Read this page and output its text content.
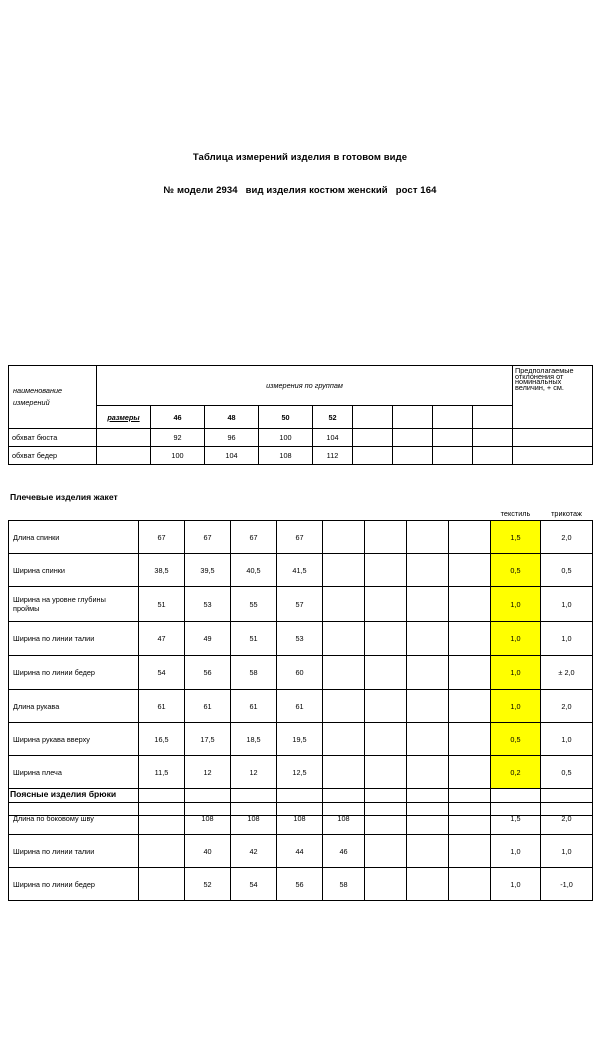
Таблица измерений изделия в готовом виде
№ модели 2934 вид изделия костюм женский рост 164
наименование измерений	измерения по группам									Предполагаемые отклонения от номинальных величин, + см.
	размеры	46	48	50	52					
обхват бюста		92	96	100	104					
обхват бедер		100	104	108	112					
Плечевые изделия жакет
									текстиль	трикотаж
Длина спинки	67	67	67	67					1,5	2,0
Ширина спинки	38,5	39,5	40,5	41,5					0,5	0,5
Ширина на уровне глубины проймы	51	53	55	57					1,0	1,0
Ширина по линии талии	47	49	51	53					1,0	1,0
Ширина по линии бедер	54	56	58	60					1,0	± 2,0
Длина рукава	61	61	61	61					1,0	2,0
Ширина рукава вверху	16,5	17,5	18,5	19,5					0,5	1,0
Ширина плеча	11,5	12	12	12,5					0,2	0,5

Поясные изделия брюки
Длина по боковому шву		108	108	108	108				1,5	2,0
Ширина по линии талии		40	42	44	46				1,0	1,0
Ширина по линии бедер		52	54	56	58				1,0	-1,0
